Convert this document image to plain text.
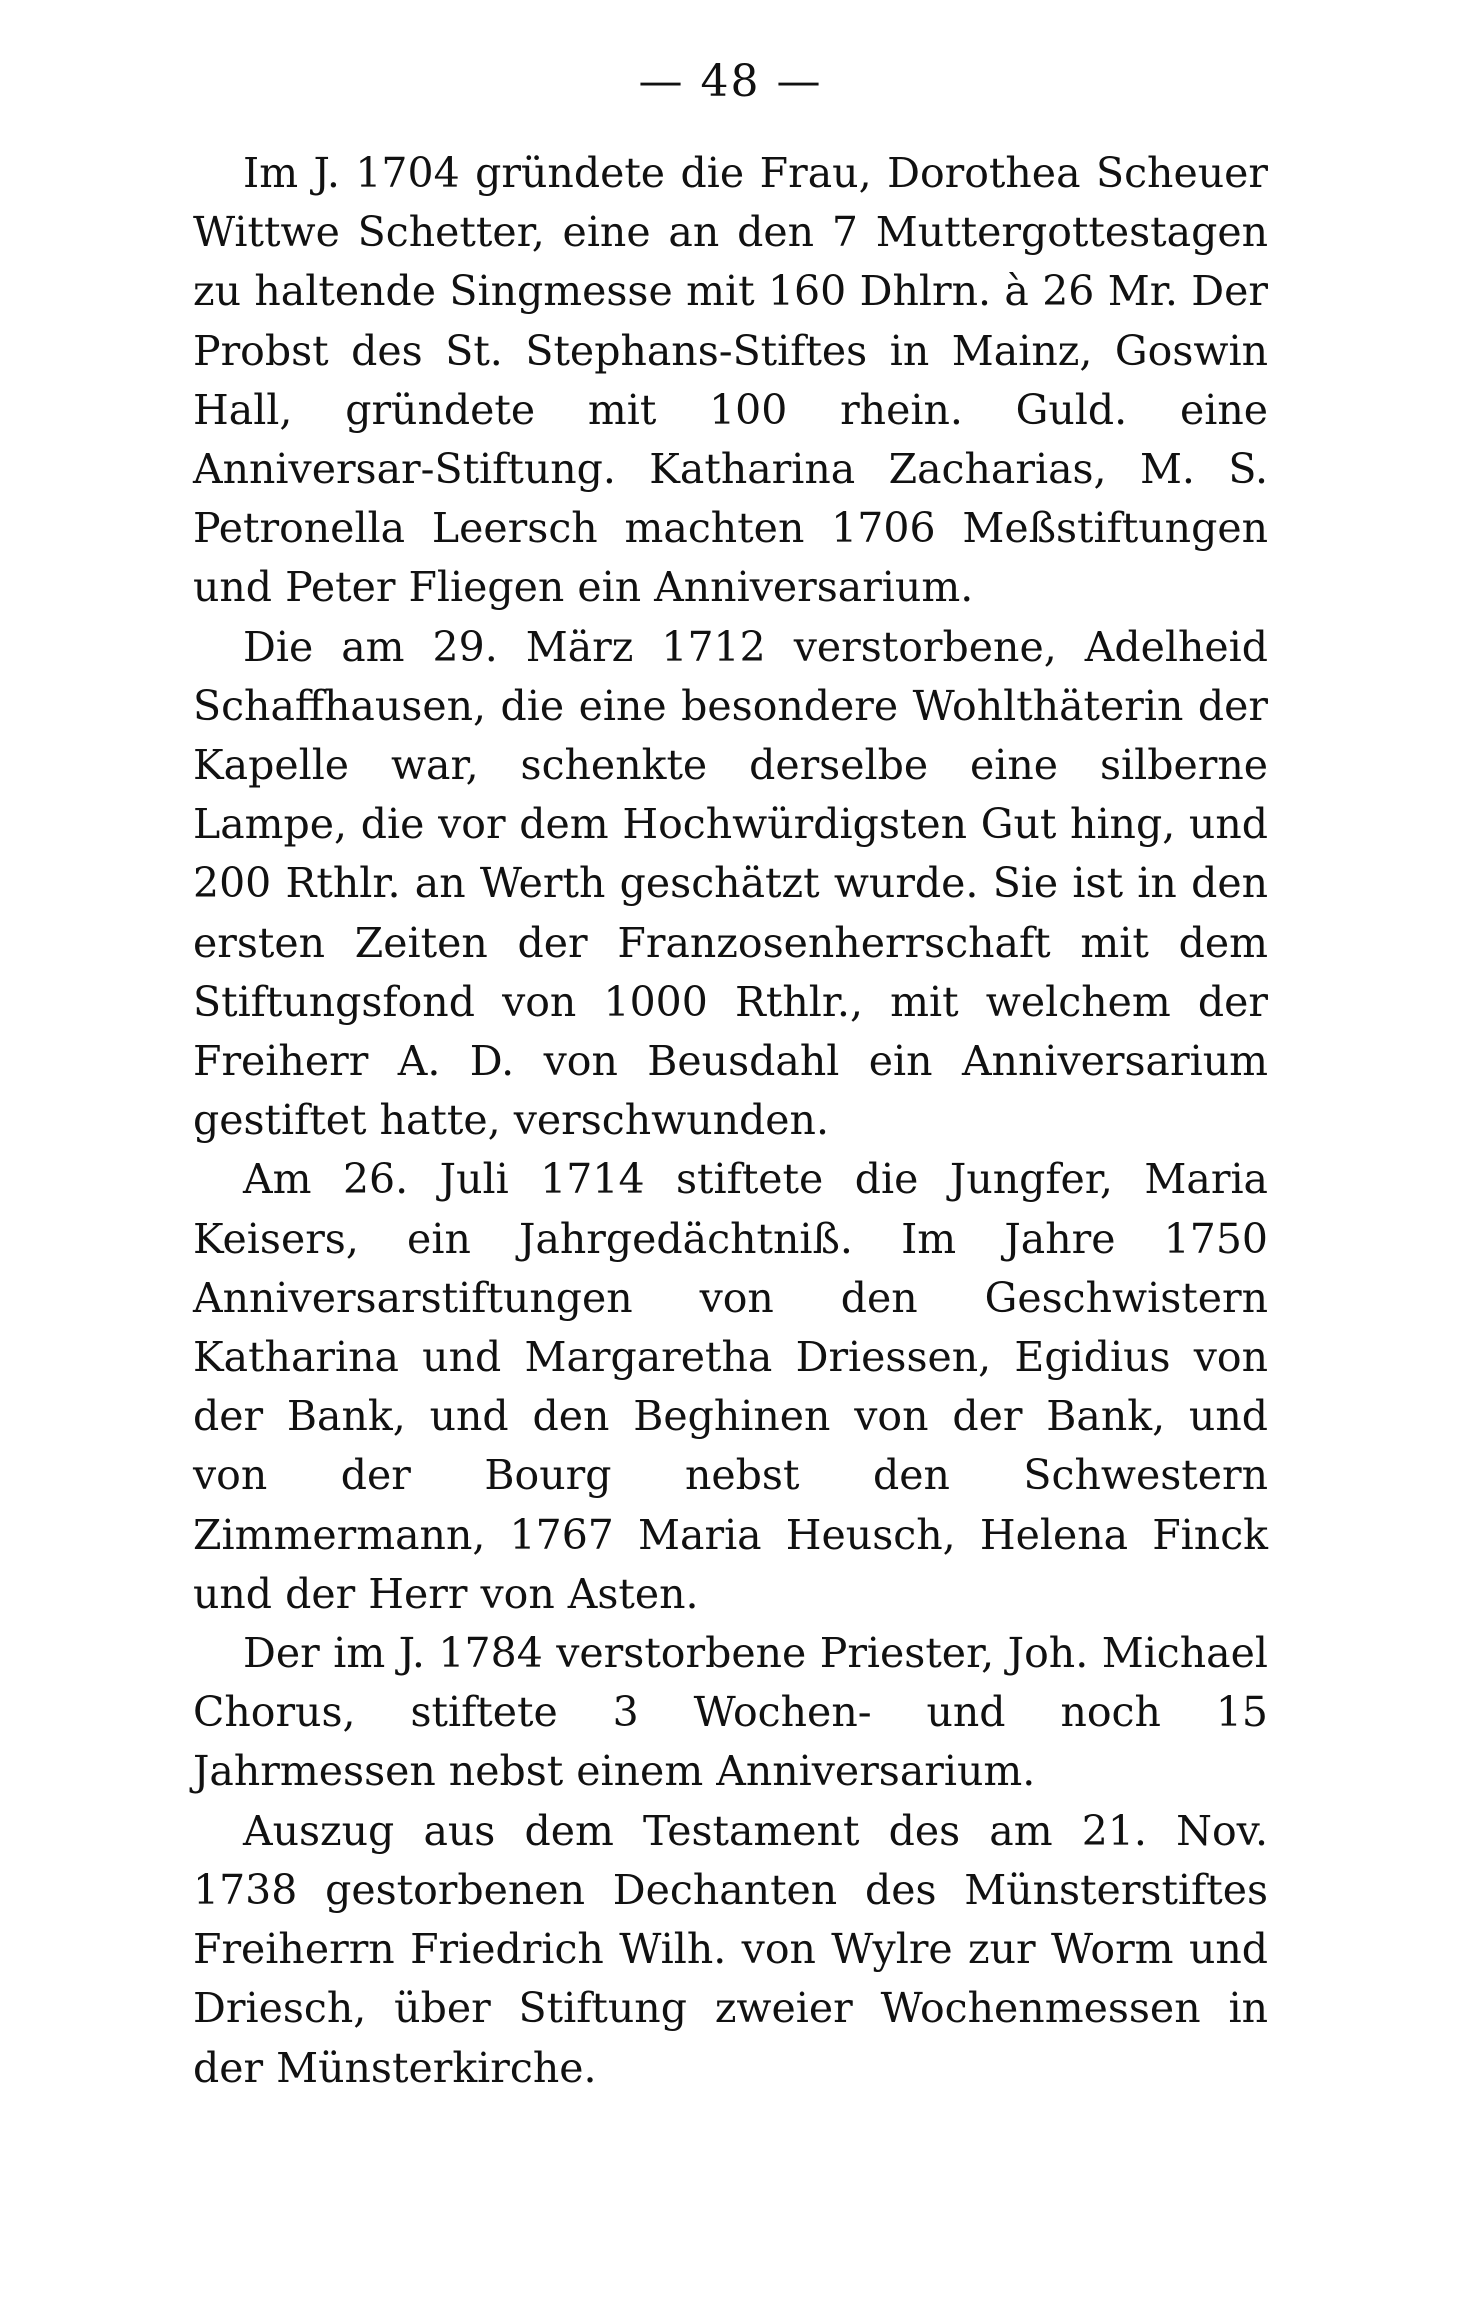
— 48 —

Im J. 1704 gründete die Frau, Dorothea Scheuer Wittwe Schetter, eine an den 7 Muttergottestagen zu haltende Singmesse mit 160 Dhlrn. à 26 Mr. Der Probst des St. Stephans-Stiftes in Mainz, Goswin Hall, gründete mit 100 rhein. Guld. eine Anniversar-Stiftung. Katharina Zacharias, M. S. Petronella Leersch machten 1706 Meßstiftungen und Peter Fliegen ein Anniversarium.

Die am 29. März 1712 verstorbene, Adelheid Schaffhausen, die eine besondere Wohlthäterin der Kapelle war, schenkte derselbe eine silberne Lampe, die vor dem Hochwürdigsten Gut hing, und 200 Rthlr. an Werth geschätzt wurde. Sie ist in den ersten Zeiten der Franzosenherrschaft mit dem Stiftungsfond von 1000 Rthlr., mit welchem der Freiherr A. D. von Beusdahl ein Anniversarium gestiftet hatte, verschwunden.

Am 26. Juli 1714 stiftete die Jungfer, Maria Keisers, ein Jahrgedächtniß. Im Jahre 1750 Anniversarstiftungen von den Geschwistern Katharina und Margaretha Driessen, Egidius von der Bank, und den Beghinen von der Bank, und von der Bourg nebst den Schwestern Zimmermann, 1767 Maria Heusch, Helena Finck und der Herr von Asten.

Der im J. 1784 verstorbene Priester, Joh. Michael Chorus, stiftete 3 Wochen- und noch 15 Jahrmessen nebst einem Anniversarium.

Auszug aus dem Testament des am 21. Nov. 1738 gestorbenen Dechanten des Münsterstiftes Freiherrn Friedrich Wilh. von Wylre zur Worm und Driesch, über Stiftung zweier Wochenmessen in der Münsterkirche.
